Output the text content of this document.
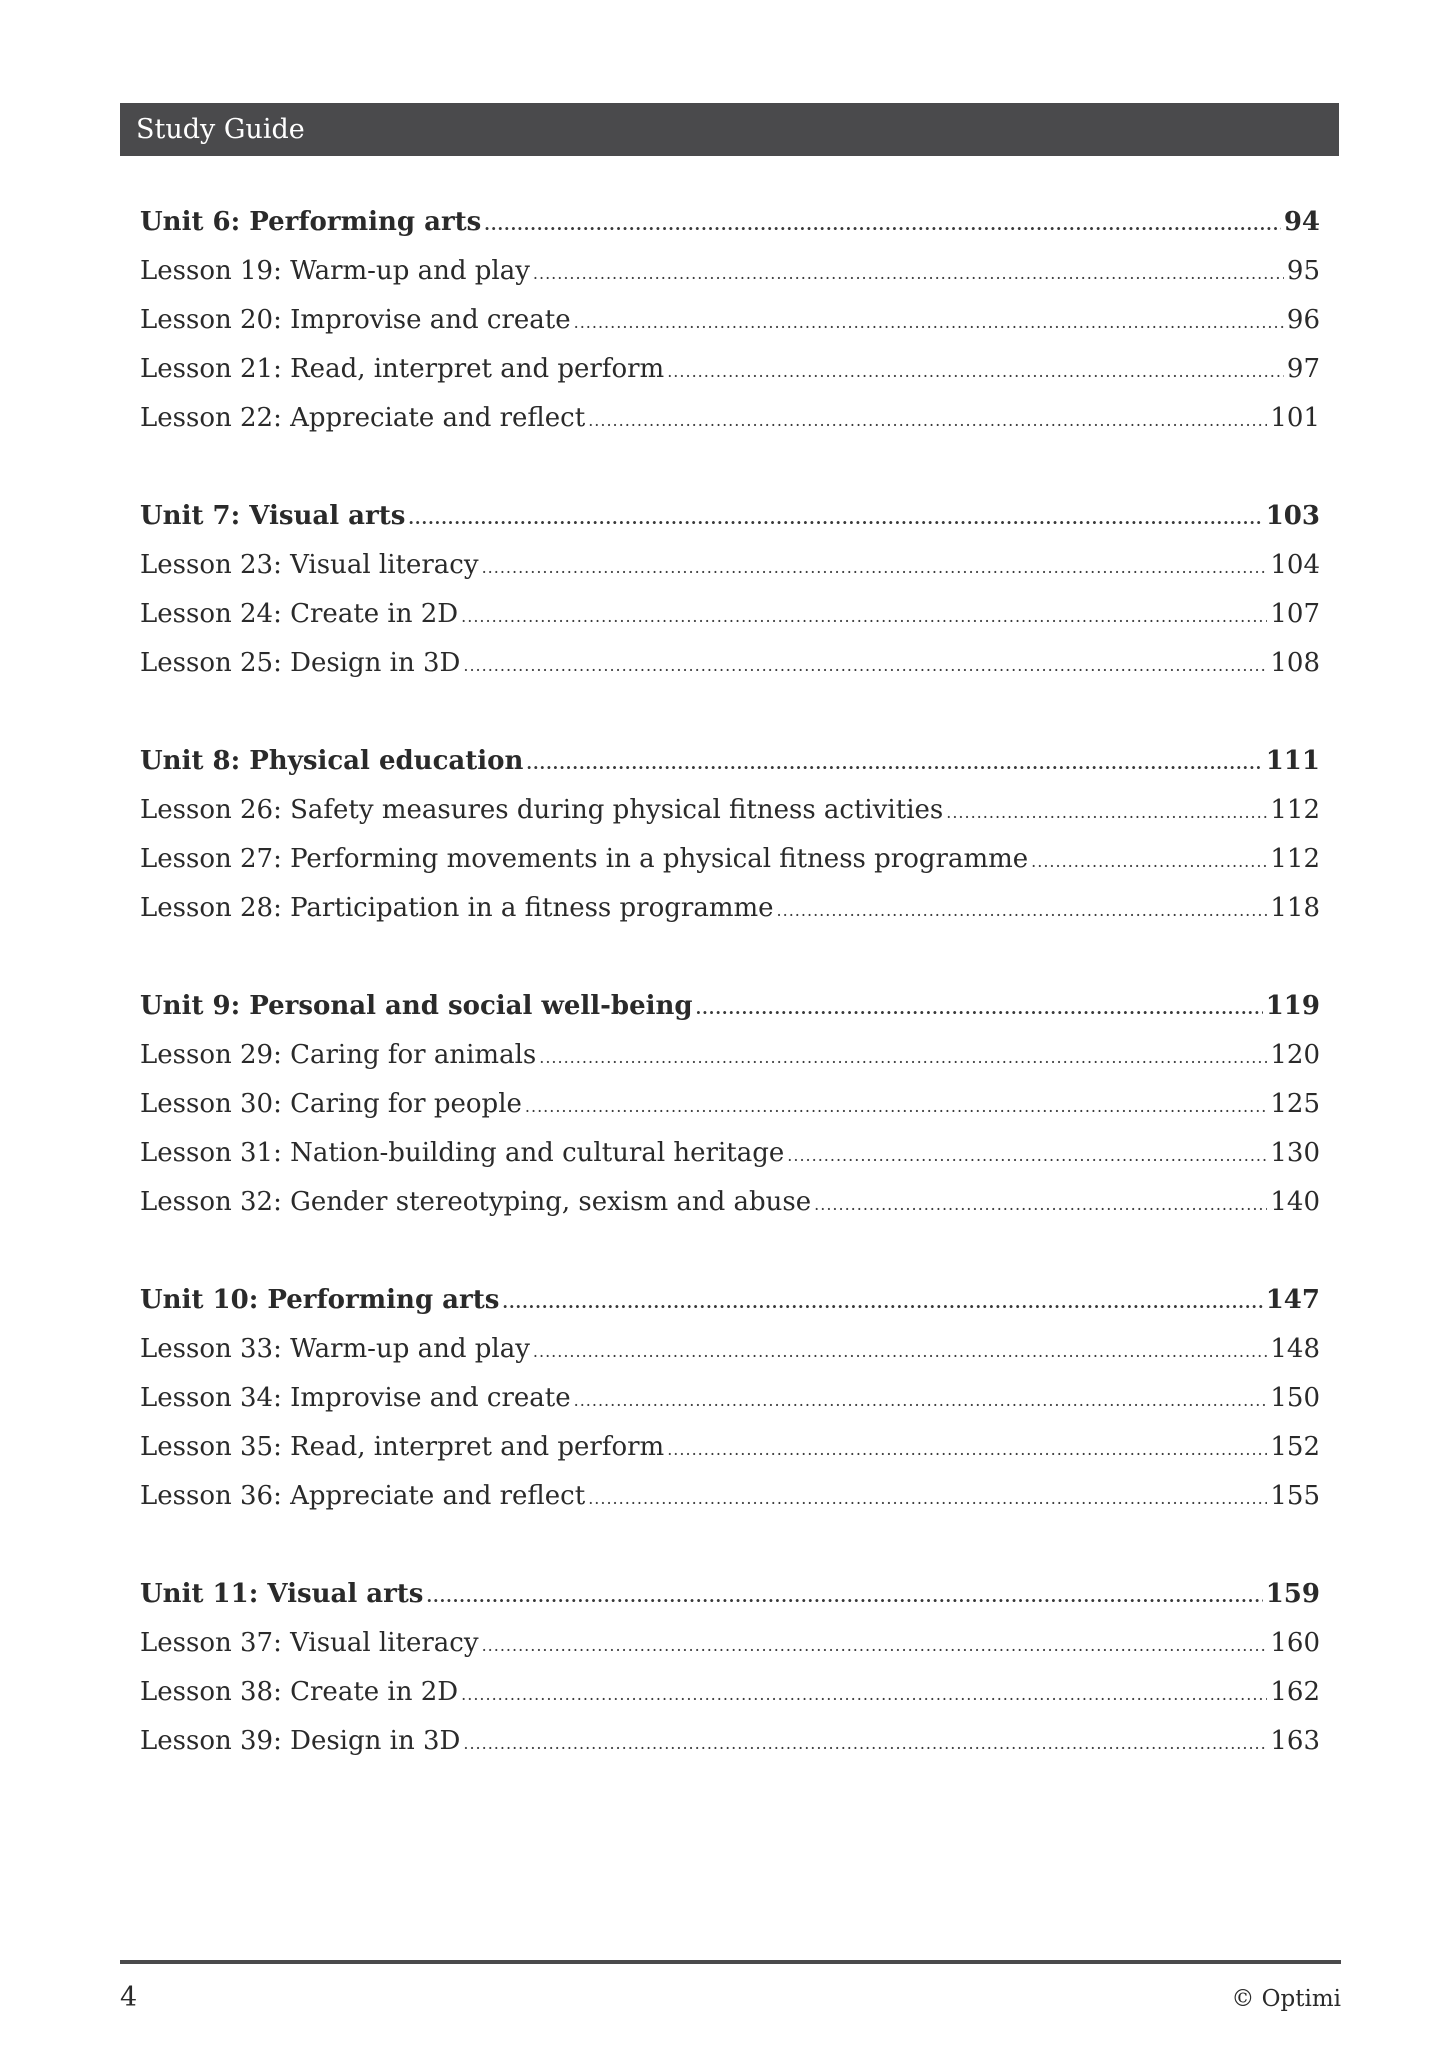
Study Guide
Unit 6: Performing arts .....	94
Lesson 19: Warm-up and play .....	95
Lesson 20: Improvise and create .....	96
Lesson 21: Read, interpret and perform .....	97
Lesson 22: Appreciate and reflect .....	101
Unit 7: Visual arts .....	103
Lesson 23: Visual literacy .....	104
Lesson 24: Create in 2D .....	107
Lesson 25: Design in 3D .....	108
Unit 8: Physical education .....	111
Lesson 26: Safety measures during physical fitness activities .....	112
Lesson 27: Performing movements in a physical fitness programme .....	112
Lesson 28: Participation in a fitness programme .....	118
Unit 9: Personal and social well-being .....	119
Lesson 29: Caring for animals .....	120
Lesson 30: Caring for people .....	125
Lesson 31: Nation-building and cultural heritage .....	130
Lesson 32: Gender stereotyping, sexism and abuse .....	140
Unit 10: Performing arts .....	147
Lesson 33: Warm-up and play .....	148
Lesson 34: Improvise and create .....	150
Lesson 35: Read, interpret and perform .....	152
Lesson 36: Appreciate and reflect .....	155
Unit 11: Visual arts .....	159
Lesson 37: Visual literacy .....	160
Lesson 38: Create in 2D .....	162
Lesson 39: Design in 3D .....	163
4	© Optimi
